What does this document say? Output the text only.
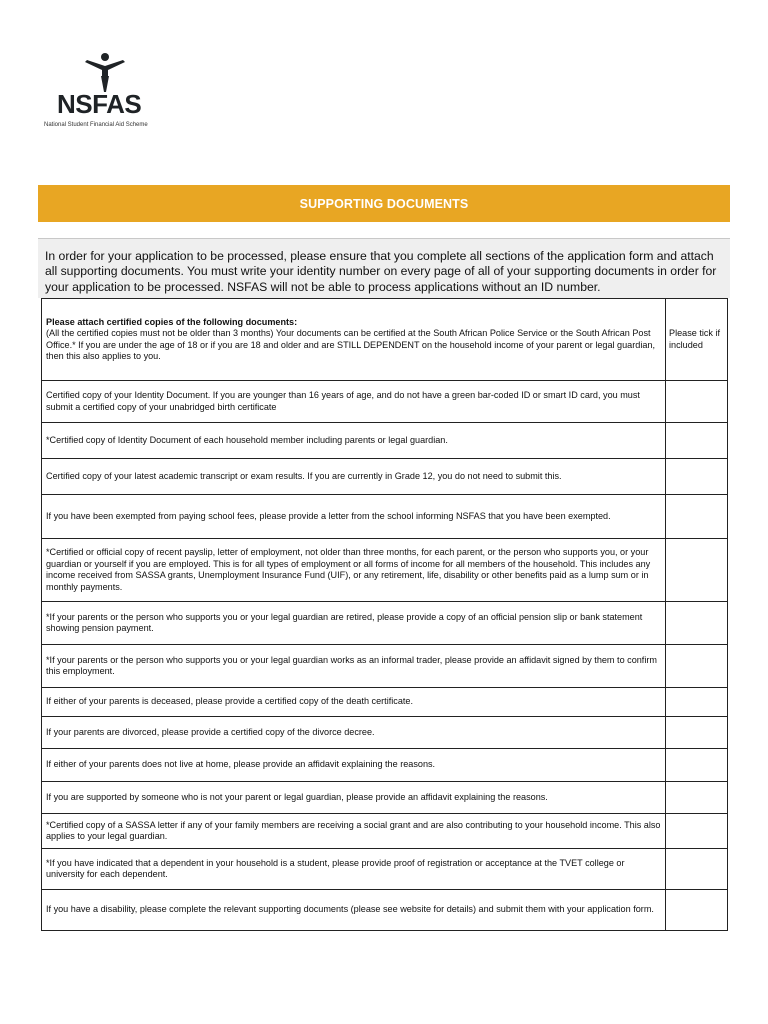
NSFAS
National Student Financial Aid Scheme
SUPPORTING DOCUMENTS
In order for your application to be processed, please ensure that you complete all sections of the application form and attach all supporting documents. You must write your identity number on every page of all of your supporting documents in order for your application to be processed. NSFAS will not be able to process applications without an ID number.
Please attach certified copies of the following documents:
(All the certified copies must not be older than 3 months) Your documents can be certified at the South African Police Service or the South African Post Office.* If you are under the age of 18 or if you are 18 and older and are STILL DEPENDENT on the household income of your parent or legal guardian, then this also applies to you.	Please tick if included
Certified copy of your Identity Document. If you are younger than 16 years of age, and do not have a green bar-coded ID or smart ID card, you must submit a certified copy of your unabridged birth certificate	
*Certified copy of Identity Document of each household member including parents or legal guardian.	
Certified copy of your latest academic transcript or exam results. If you are currently in Grade 12, you do not need to submit this.	
If you have been exempted from paying school fees, please provide a letter from the school informing NSFAS that you have been exempted.	
*Certified or official copy of recent payslip, letter of employment, not older than three months, for each parent, or the person who supports you, or your guardian or yourself if you are employed. This is for all types of employment or all forms of income for all members of the household. This includes any income received from SASSA grants, Unemployment Insurance Fund (UIF), or any retirement, life, disability or other benefits paid as a lump sum or in monthly payments.	
*If your parents or the person who supports you or your legal guardian are retired, please provide a copy of an official pension slip or bank statement showing pension payment.	
*If your parents or the person who supports you or your legal guardian works as an informal trader, please provide an affidavit signed by them to confirm this employment.	
If either of your parents is deceased, please provide a certified copy of the death certificate.	
If your parents are divorced, please provide a certified copy of the divorce decree.	
If either of your parents does not live at home, please provide an affidavit explaining the reasons.	
If you are supported by someone who is not your parent or legal guardian, please provide an affidavit explaining the reasons.	
*Certified copy of a SASSA letter if any of your family members are receiving a social grant and are also contributing to your household income. This also applies to your legal guardian.	
*If you have indicated that a dependent in your household is a student, please provide proof of registration or acceptance at the TVET college or university for each dependent.	
If you have a disability, please complete the relevant supporting documents (please see website for details) and submit them with your application form.	
